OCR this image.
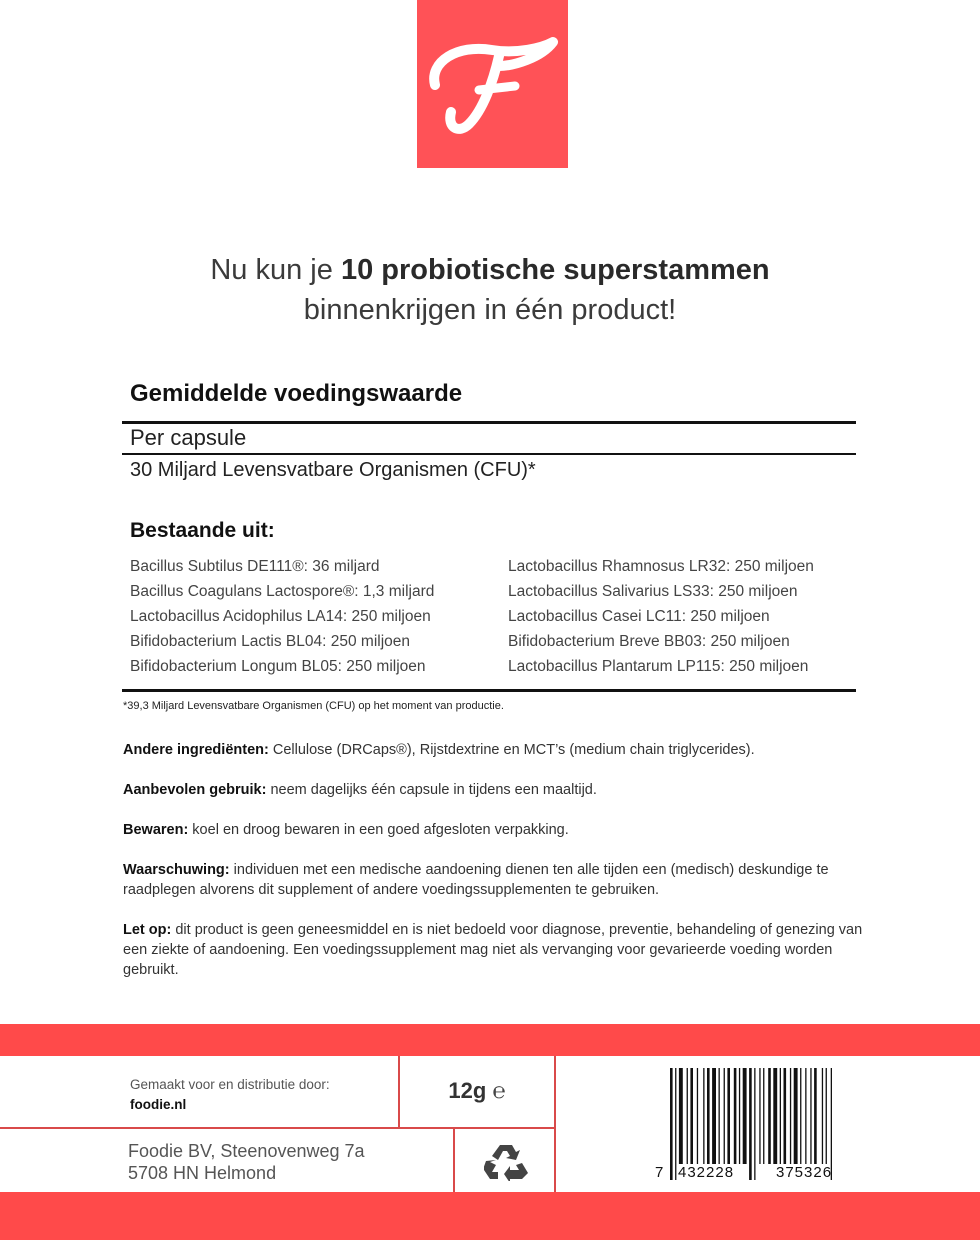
Nu kun je 10 probiotische superstammen
binnenkrijgen in één product!
Gemiddelde voedingswaarde
Per capsule
30 Miljard Levensvatbare Organismen (CFU)*
Bestaande uit:
Bacillus Subtilus DE111®: 36 miljard
Bacillus Coagulans Lactospore®: 1,3 miljard
Lactobacillus Acidophilus LA14: 250 miljoen
Bifidobacterium Lactis BL04: 250 miljoen
Bifidobacterium Longum BL05: 250 miljoen
Lactobacillus Rhamnosus LR32: 250 miljoen
Lactobacillus Salivarius LS33: 250 miljoen
Lactobacillus Casei LC11: 250 miljoen
Bifidobacterium Breve BB03: 250 miljoen
Lactobacillus Plantarum LP115: 250 miljoen
*39,3 Miljard Levensvatbare Organismen (CFU) op het moment van productie.
Andere ingrediënten: Cellulose (DRCaps®), Rijstdextrine en MCT’s (medium chain triglycerides).
Aanbevolen gebruik: neem dagelijks één capsule in tijdens een maaltijd.
Bewaren: koel en droog bewaren in een goed afgesloten verpakking.
Waarschuwing: individuen met een medische aandoening dienen ten alle tijden een (medisch) deskundige te raadplegen alvorens dit supplement of andere voedingssupplementen te gebruiken.
Let op: dit product is geen geneesmiddel en is niet bedoeld voor diagnose, preventie, behandeling of genezing van een ziekte of aandoening. Een voedingssupplement mag niet als vervanging voor gevarieerde voeding worden gebruikt.
Gemaakt voor en distributie door:
foodie.nl
12g ℮
Foodie BV, Steenovenweg 7a
5708 HN Helmond	7 432228	375326
